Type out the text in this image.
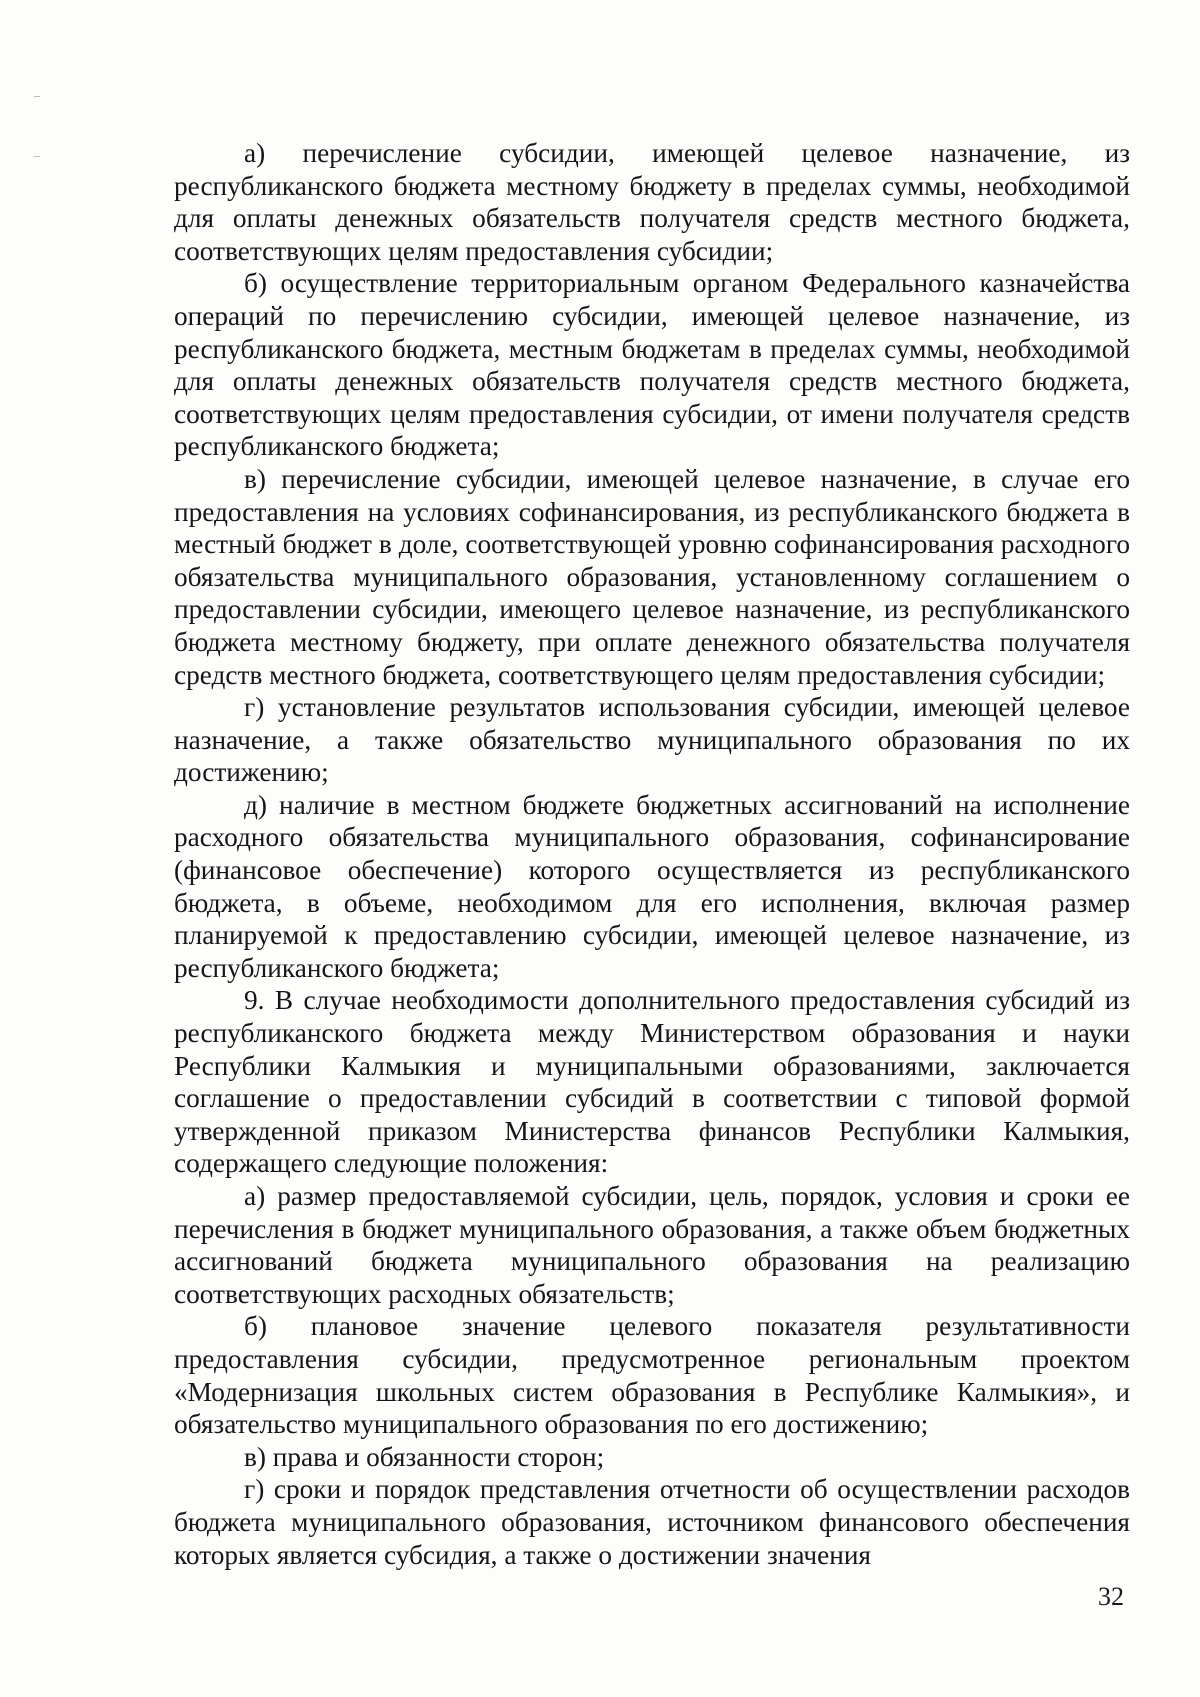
а) перечисление субсидии, имеющей целевое назначение, из республиканского бюджета местному бюджету в пределах суммы, необходимой для оплаты денежных обязательств получателя средств местного бюджета, соответствующих целям предоставления субсидии;

б) осуществление территориальным органом Федерального казначейства операций по перечислению субсидии, имеющей целевое назначение, из республиканского бюджета, местным бюджетам в пределах суммы, необходимой для оплаты денежных обязательств получателя средств местного бюджета, соответствующих целям предоставления субсидии, от имени получателя средств республиканского бюджета;

в) перечисление субсидии, имеющей целевое назначение, в случае его предоставления на условиях софинансирования, из республиканского бюджета в местный бюджет в доле, соответствующей уровню софинансирования расходного обязательства муниципального образования, установленному соглашением о предоставлении субсидии, имеющего целевое назначение, из республиканского бюджета местному бюджету, при оплате денежного обязательства получателя средств местного бюджета, соответствующего целям предоставления субсидии;

г) установление результатов использования субсидии, имеющей целевое назначение, а также обязательство муниципального образования по их достижению;

д) наличие в местном бюджете бюджетных ассигнований на исполнение расходного обязательства муниципального образования, софинансирование (финансовое обеспечение) которого осуществляется из республиканского бюджета, в объеме, необходимом для его исполнения, включая размер планируемой к предоставлению субсидии, имеющей целевое назначение, из республиканского бюджета;

9. В случае необходимости дополнительного предоставления субсидий из республиканского бюджета между Министерством образования и науки Республики Калмыкия и муниципальными образованиями, заключается соглашение о предоставлении субсидий в соответствии с типовой формой утвержденной приказом Министерства финансов Республики Калмыкия, содержащего следующие положения:

а) размер предоставляемой субсидии, цель, порядок, условия и сроки ее перечисления в бюджет муниципального образования, а также объем бюджетных ассигнований бюджета муниципального образования на реализацию соответствующих расходных обязательств;

б) плановое значение целевого показателя результативности предоставления субсидии, предусмотренное региональным проектом «Модернизация школьных систем образования в Республике Калмыкия», и обязательство муниципального образования по его достижению;

в) права и обязанности сторон;

г) сроки и порядок представления отчетности об осуществлении расходов бюджета муниципального образования, источником финансового обеспечения которых является субсидия, а также о достижении значения

32
